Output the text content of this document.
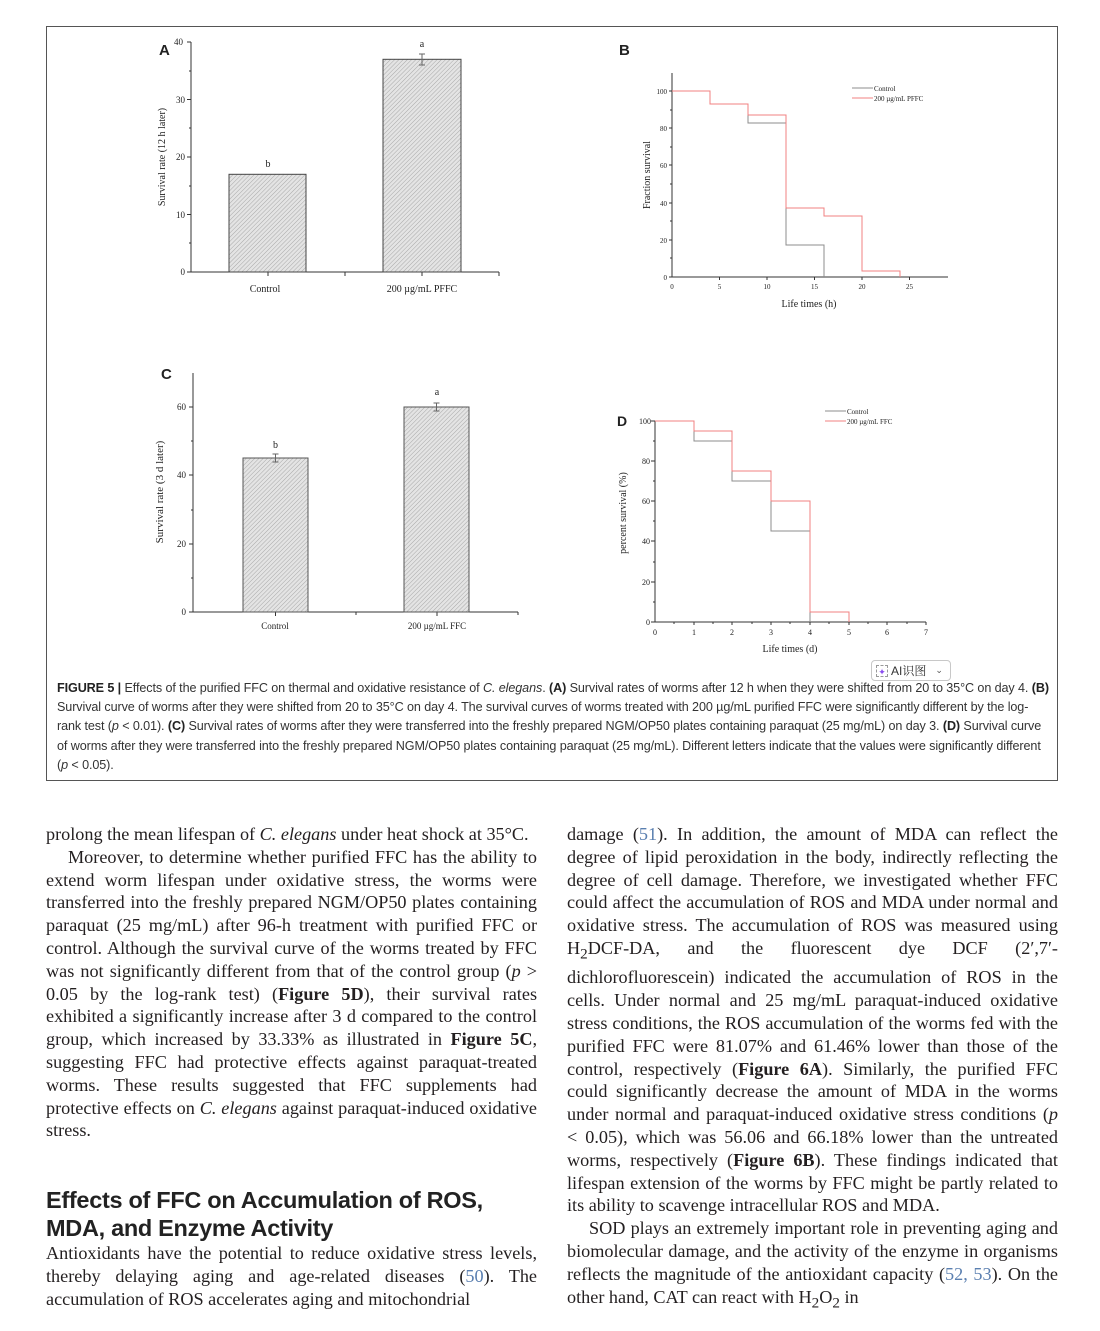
A
0
10
20
30
40
Survival rate (12 h later)	b
a
Control	200 µg/mL PFFC
B
0
20
40
60
80
100
0	5	10	15	20	25
Life times (h)
Fraction survival
Control
200 µg/mL PFFC
C
0
20
40
60
Survival rate (3 d later)	b
a
Control	200 µg/mL FFC
D
0
20
40
60
80
100
0	1	2	3	4	5	6	7
Life times (d)
percent survival (%)
Control
200 µg/mL FFC
✦ AI识图 ⌄
FIGURE 5 | Effects of the purified FFC on thermal and oxidative resistance of C. elegans. (A) Survival rates of worms after 12 h when they were shifted from 20 to 35°C on day 4. (B) Survival curve of worms after they were shifted from 20 to 35°C on day 4. The survival curves of worms treated with 200 µg/mL purified FFC were significantly different by the log-rank test (p < 0.01). (C) Survival rates of worms after they were transferred into the freshly prepared NGM/OP50 plates containing paraquat (25 mg/mL) on day 3. (D) Survival curve of worms after they were transferred into the freshly prepared NGM/OP50 plates containing paraquat (25 mg/mL). Different letters indicate that the values were significantly different (p < 0.05).

prolong the mean lifespan of C. elegans under heat shock at 35°C.

Moreover, to determine whether purified FFC has the ability to extend worm lifespan under oxidative stress, the worms were transferred into the freshly prepared NGM/OP50 plates containing paraquat (25 mg/mL) after 96-h treatment with purified FFC or control. Although the survival curve of the worms treated by FFC was not significantly different from that of the control group (p > 0.05 by the log-rank test) (Figure 5D), their survival rates exhibited a significantly increase after 3 d compared to the control group, which increased by 33.33% as illustrated in Figure 5C, suggesting FFC had protective effects against paraquat-treated worms. These results suggested that FFC supplements had protective effects on C. elegans against paraquat-induced oxidative stress.

Effects of FFC on Accumulation of ROS, MDA, and Enzyme Activity

Antioxidants have the potential to reduce oxidative stress levels, thereby delaying aging and age-related diseases (50). The accumulation of ROS accelerates aging and mitochondrial

damage (51). In addition, the amount of MDA can reflect the degree of lipid peroxidation in the body, indirectly reflecting the degree of cell damage. Therefore, we investigated whether FFC could affect the accumulation of ROS and MDA under normal and oxidative stress. The accumulation of ROS was measured using $H_2DCF-DA$, and the fluorescent dye DCF (2′,7′-dichlorofluorescein) indicated the accumulation of ROS in the cells. Under normal and 25 mg/mL paraquat-induced oxidative stress conditions, the ROS accumulation of the worms fed with the purified FFC were 81.07% and 61.46% lower than those of the control, respectively (Figure 6A). Similarly, the purified FFC could significantly decrease the amount of MDA in the worms under normal and paraquat-induced oxidative stress conditions (p < 0.05), which was 56.06 and 66.18% lower than the untreated worms, respectively (Figure 6B). These findings indicated that lifespan extension of the worms by FFC might be partly related to its ability to scavenge intracellular ROS and MDA.

SOD plays an extremely important role in preventing aging and biomolecular damage, and the activity of the enzyme in organisms reflects the magnitude of the antioxidant capacity (52, 53). On the other hand, CAT can react with $H_2O_2$ in
